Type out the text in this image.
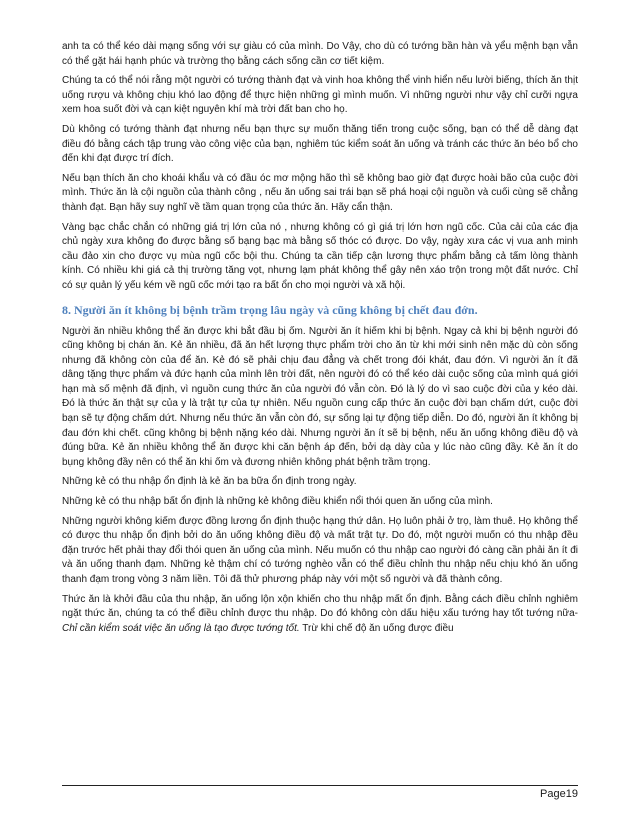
anh ta có thể kéo dài mạng sống với sự giàu có của mình. Do Vậy, cho dù có tướng bần hàn và yểu mệnh bạn vẫn có thể gặt hái hạnh phúc và trường thọ bằng cách sống cần cơ tiết kiệm.

Chúng ta có thể nói rằng một người có tướng thành đạt và vinh hoa không thể vinh hiển nếu lười biếng, thích ăn thịt uống rượu và không chịu khó lao động để thực hiện những gì mình muốn. Vì những người như vậy chỉ cưỡi ngựa xem hoa suốt đời và cạn kiệt nguyên khí mà trời đất ban cho họ.

Dù không có tướng thành đạt nhưng nếu bạn thực sự muốn thăng tiến trong cuộc sống, bạn có thể dễ dàng đạt điều đó bằng cách tập trung vào công việc của bạn, nghiêm túc kiểm soát ăn uống và tránh các thức ăn béo bổ cho đến khi đạt được trí đích.

Nếu bạn thích ăn cho khoái khẩu và có đầu óc mơ mộng hão thì sẽ không bao giờ đạt được hoài bão của cuộc đời mình. Thức ăn là cội nguồn của thành công , nếu ăn uống sai trái bạn sẽ phá hoại cội nguồn và cuối cùng sẽ chẳng thành đạt. Bạn hãy suy nghĩ về tầm quan trọng của thức ăn. Hãy cẩn thận.

Vàng bạc chắc chắn có những giá trị lớn của nó , nhưng không có gì giá trị lớn hơn ngũ cốc. Của cải của các địa chủ ngày xưa không đo được bằng số bạng bạc mà bằng số thóc có được. Do vậy, ngày xưa các vị vua anh minh cầu đảo xin cho được vụ mùa ngũ cốc bội thu. Chúng ta cần tiếp cận lương thực phẩm bằng cả tấm lòng thành kính. Có nhiều khi giá cả thị trường tăng vọt, nhưng lạm phát không thể gây nên xáo trộn trong một đất nước. Chỉ có sự quản lý yếu kém về ngũ cốc mới tạo ra bất ổn cho mọi người và xã hội.

8. Người ăn ít không bị bệnh trầm trọng lâu ngày và cũng không bị chết đau đớn.

Người ăn nhiều không thể ăn được khi bắt đầu bị ốm. Người ăn ít hiếm khi bị bệnh. Ngay cả khi bị bệnh người đó cũng không bị chán ăn. Kẻ ăn nhiều, đã ăn hết lượng thực phẩm trời cho ăn từ khi mới sinh nên mặc dù còn sống nhưng đã không còn của để ăn. Kẻ đó sẽ phải chịu đau đẳng và chết trong đói khát, đau đớn. Vì người ăn ít đã dâng tặng thực phẩm và đức hạnh của mình lên trời đất, nên người đó có thể kéo dài cuộc sống của mình quá giới hạn mà số mệnh đã định, vì nguồn cung thức ăn của người đó vẫn còn. Đó là lý do vì sao cuộc đời của y kéo dài. Đó là thức ăn thật sự của y là trật tự của tự nhiên. Nếu nguồn cung cấp thức ăn cuộc đời bạn chấm dứt, cuộc đời bạn sẽ tự động chấm dứt. Nhưng nếu thức ăn vẫn còn đó, sự sống lại tự động tiếp diễn. Do đó, người ăn ít không bị đau đớn khi chết. cũng không bị bệnh nặng kéo dài. Nhưng người ăn ít sẽ bị bệnh, nếu ăn uống không điều độ và đúng bữa. Kẻ ăn nhiều không thể ăn được khi căn bệnh áp đến, bởi dạ dày của y lúc nào cũng đầy. Kẻ ăn ít do bụng không đầy nên có thể ăn khi ốm và đương nhiên không phát bệnh trầm trọng.

Những kẻ có thu nhập ổn định là kẻ ăn ba bữa ổn định trong ngày.

Những kẻ có thu nhập bất ổn định là những kẻ không điều khiển nổi thói quen ăn uống của mình.

Những người không kiếm được đồng lương ổn định thuộc hạng thứ dân. Họ luôn phải ở trọ, làm thuê. Họ không thể có được thu nhập ổn định bởi do ăn uống không điều độ và mất trật tự. Do đó, một người muốn có thu nhập đều đặn trước hết phải thay đổi thói quen ăn uống của mình. Nếu muốn có thu nhập cao người đó càng cần phải ăn ít đi và ăn uống thanh đạm. Những kẻ thậm chí có tướng nghèo vẫn có thể điều chỉnh thu nhập nếu chịu khó ăn uống thanh đạm trong vòng 3 năm liền. Tôi đã thử phương pháp này với một số người và đã thành công.

Thức ăn là khởi đầu của thu nhập, ăn uống lộn xộn khiến cho thu nhập mất ổn định. Bằng cách điều chỉnh nghiêm ngặt thức ăn, chúng ta có thể điều chỉnh được thu nhập. Do đó không còn dấu hiệu xấu tướng hay tốt tướng nữa- Chỉ cần kiểm soát việc ăn uống là tạo được tướng tốt. Trừ khi chế độ ăn uống được điều

Page19
